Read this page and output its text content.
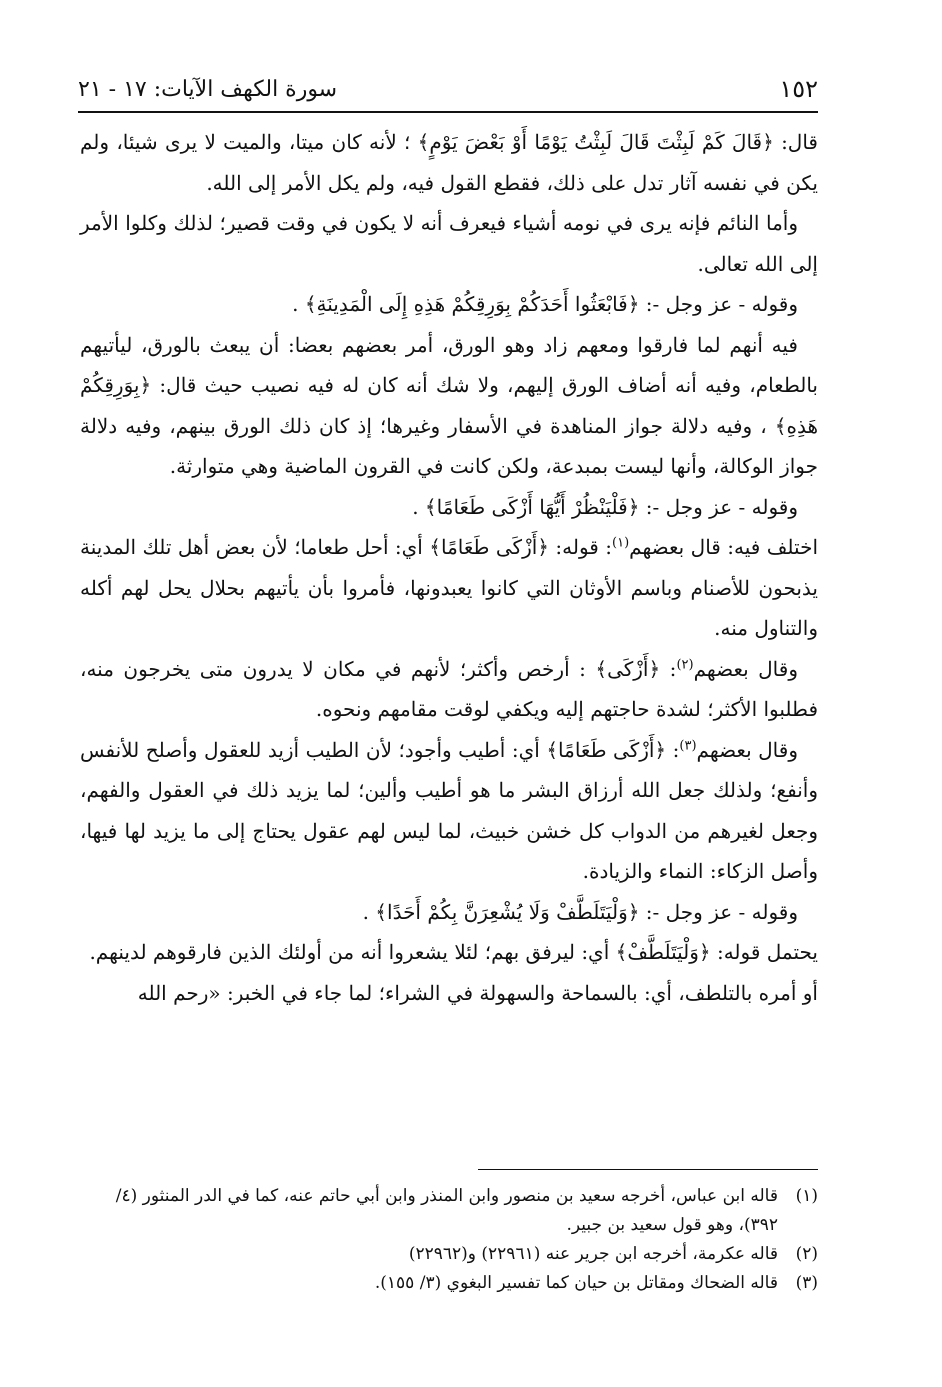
١٥٢
سورة الكهف الآيات: ١٧ - ٢١

قال: ﴿قَالَ كَمْ لَبِثْتَ قَالَ لَبِثْتُ يَوْمًا أَوْ بَعْضَ يَوْمٍ﴾ ؛ لأنه كان ميتا، والميت لا يرى شيئا، ولم يكن في نفسه آثار تدل على ذلك، فقطع القول فيه، ولم يكل الأمر إلى الله.

وأما النائم فإنه يرى في نومه أشياء فيعرف أنه لا يكون في وقت قصير؛ لذلك وكلوا الأمر إلى الله تعالى.

وقوله - عز وجل -: ﴿فَابْعَثُوا أَحَدَكُمْ بِوَرِقِكُمْ هَذِهِ إِلَى الْمَدِينَةِ﴾ .

فيه أنهم لما فارقوا ومعهم زاد وهو الورق، أمر بعضهم بعضا: أن يبعث بالورق، ليأتيهم بالطعام، وفيه أنه أضاف الورق إليهم، ولا شك أنه كان له فيه نصيب حيث قال: ﴿بِوَرِقِكُمْ هَذِهِ﴾ ، وفيه دلالة جواز المناهدة في الأسفار وغيرها؛ إذ كان ذلك الورق بينهم، وفيه دلالة جواز الوكالة، وأنها ليست بمبدعة، ولكن كانت في القرون الماضية وهي متوارثة.

وقوله - عز وجل -: ﴿فَلْيَنْظُرْ أَيُّهَا أَزْكَى طَعَامًا﴾ .

اختلف فيه: قال بعضهم$^{(١)}$: قوله: ﴿أَزْكَى طَعَامًا﴾ أي: أحل طعاما؛ لأن بعض أهل تلك المدينة يذبحون للأصنام وباسم الأوثان التي كانوا يعبدونها، فأمروا بأن يأتيهم بحلال يحل لهم أكله والتناول منه.

وقال بعضهم$^{(٢)}$: ﴿أَزْكَى﴾ : أرخص وأكثر؛ لأنهم في مكان لا يدرون متى يخرجون منه، فطلبوا الأكثر؛ لشدة حاجتهم إليه ويكفي لوقت مقامهم ونحوه.

وقال بعضهم$^{(٣)}$: ﴿أَزْكَى طَعَامًا﴾ أي: أطيب وأجود؛ لأن الطيب أزيد للعقول وأصلح للأنفس وأنفع؛ ولذلك جعل الله أرزاق البشر ما هو أطيب وألين؛ لما يزيد ذلك في العقول والفهم، وجعل لغيرهم من الدواب كل خشن خبيث، لما ليس لهم عقول يحتاج إلى ما يزيد لها فيها، وأصل الزكاء: النماء والزيادة.

وقوله - عز وجل -: ﴿وَلْيَتَلَطَّفْ وَلَا يُشْعِرَنَّ بِكُمْ أَحَدًا﴾ .

يحتمل قوله: ﴿وَلْيَتَلَطَّفْ﴾ أي: ليرفق بهم؛ لئلا يشعروا أنه من أولئك الذين فارقوهم لدينهم.

أو أمره بالتلطف، أي: بالسماحة والسهولة في الشراء؛ لما جاء في الخبر: «رحم الله

(١)قاله ابن عباس، أخرجه سعيد بن منصور وابن المنذر وابن أبي حاتم عنه، كما في الدر المنثور (٤/ ٣٩٢)، وهو قول سعيد بن جبير.

(٢)قاله عكرمة، أخرجه ابن جرير عنه (٢٢٩٦١) و(٢٢٩٦٢)

(٣)قاله الضحاك ومقاتل بن حيان كما تفسير البغوي (٣/ ١٥٥).
